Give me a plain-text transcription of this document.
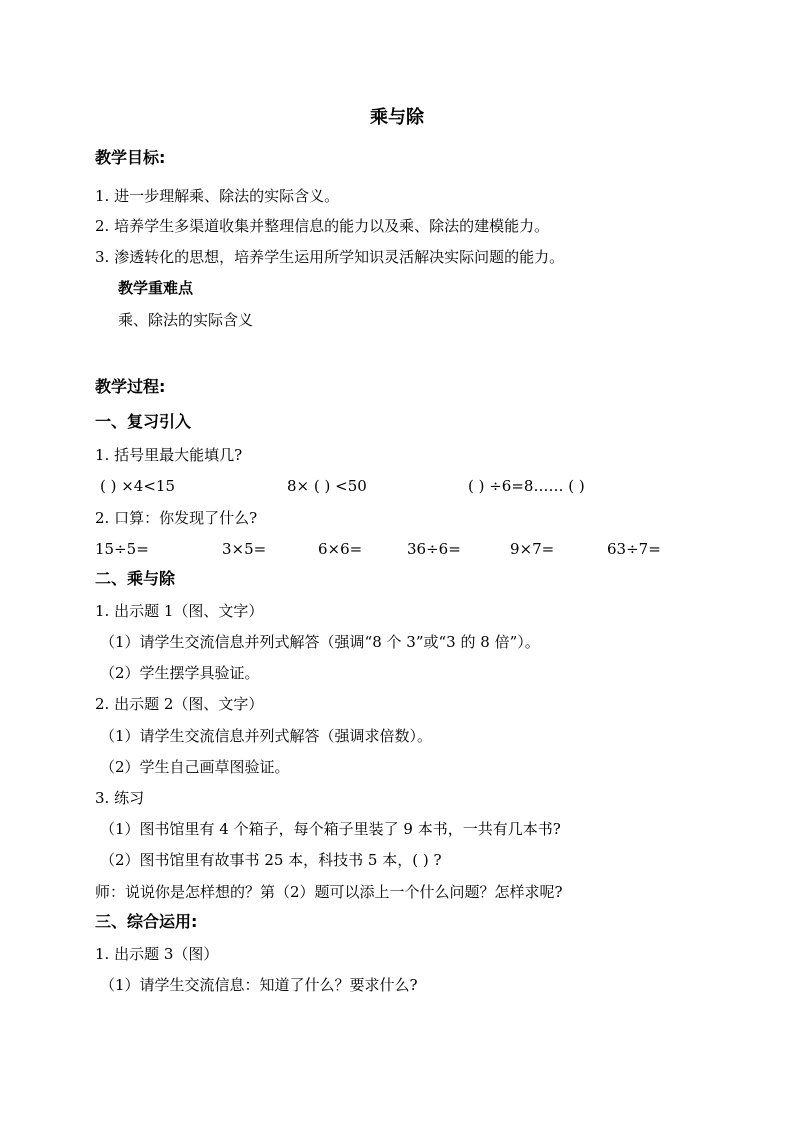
乘与除
教学目标:
1. 进一步理解乘、除法的实际含义。
2. 培养学生多渠道收集并整理信息的能力以及乘、除法的建模能力。
3. 渗透转化的思想，培养学生运用所学知识灵活解决实际问题的能力。
教学重难点
乘、除法的实际含义
教学过程:
一、复习引入
1. 括号里最大能填几?
( ) ×4<15	8× ( ) <50	( ) ÷6=8…… ( )
2. 口算：你发现了什么?
15÷5=	3×5=	6×6=	36÷6=	9×7=	63÷7=
二、乘与除
1. 出示题 1（图、文字）
（1）请学生交流信息并列式解答（强调“8 个 3”或“3 的 8 倍”）。
（2）学生摆学具验证。
2. 出示题 2（图、文字）
（1）请学生交流信息并列式解答（强调求倍数）。
（2）学生自己画草图验证。
3. 练习
（1）图书馆里有 4 个箱子，每个箱子里装了 9 本书，一共有几本书?
（2）图书馆里有故事书 25 本，科技书 5 本，( ) ?
师：说说你是怎样想的？第（2）题可以添上一个什么问题？怎样求呢?
三、综合运用:
1. 出示题 3（图）
（1）请学生交流信息：知道了什么？要求什么?
